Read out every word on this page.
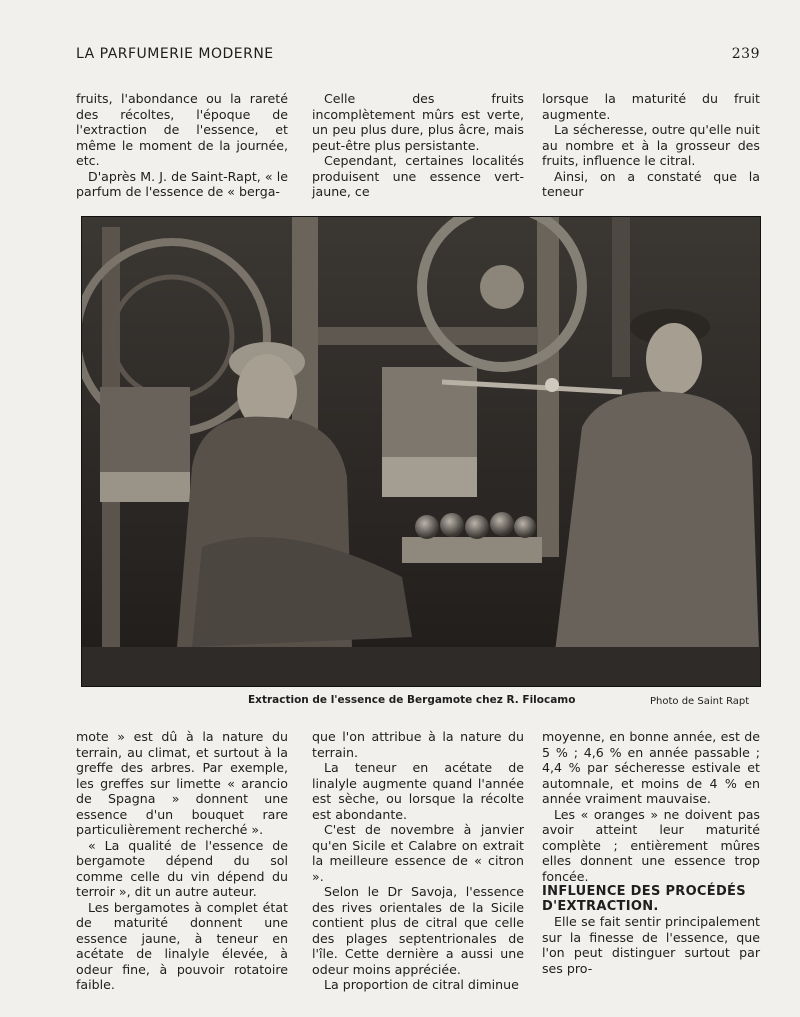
LA PARFUMERIE MODERNE	239

fruits, l'abondance ou la rareté des récoltes, l'époque de l'extraction de l'essence, et même le moment de la journée, etc.

D'après M. J. de Saint-Rapt, « le parfum de l'essence de « berga-

Celle des fruits incomplètement mûrs est verte, un peu plus dure, plus âcre, mais peut-être plus persistante.

Cependant, certaines localités produisent une essence vert-jaune, ce

lorsque la maturité du fruit augmente.

La sécheresse, outre qu'elle nuit au nombre et à la grosseur des fruits, influence le citral.

Ainsi, on a constaté que la teneur

Extraction de l'essence de Bergamote chez R. Filocamo	Photo de Saint Rapt

mote » est dû à la nature du terrain, au climat, et surtout à la greffe des arbres. Par exemple, les greffes sur limette « arancio de Spagna » donnent une essence d'un bouquet rare particulièrement recherché ».

« La qualité de l'essence de bergamote dépend du sol comme celle du vin dépend du terroir », dit un autre auteur.

Les bergamotes à complet état de maturité donnent une essence jaune, à teneur en acétate de linalyle élevée, à odeur fine, à pouvoir rotatoire faible.

que l'on attribue à la nature du terrain.

La teneur en acétate de linalyle augmente quand l'année est sèche, ou lorsque la récolte est abondante.

C'est de novembre à janvier qu'en Sicile et Calabre on extrait la meilleure essence de « citron ».

Selon le Dr Savoja, l'essence des rives orientales de la Sicile contient plus de citral que celle des plages septentrionales de l'île. Cette dernière a aussi une odeur moins appréciée.

La proportion de citral diminue

moyenne, en bonne année, est de 5 % ; 4,6 % en année passable ; 4,4 % par sécheresse estivale et automnale, et moins de 4 % en année vraiment mauvaise.

Les « oranges » ne doivent pas avoir atteint leur maturité complète ; entièrement mûres elles donnent une essence trop foncée.

INFLUENCE DES PROCÉDÉS D'EXTRACTION.

Elle se fait sentir principalement sur la finesse de l'essence, que l'on peut distinguer surtout par ses pro-
